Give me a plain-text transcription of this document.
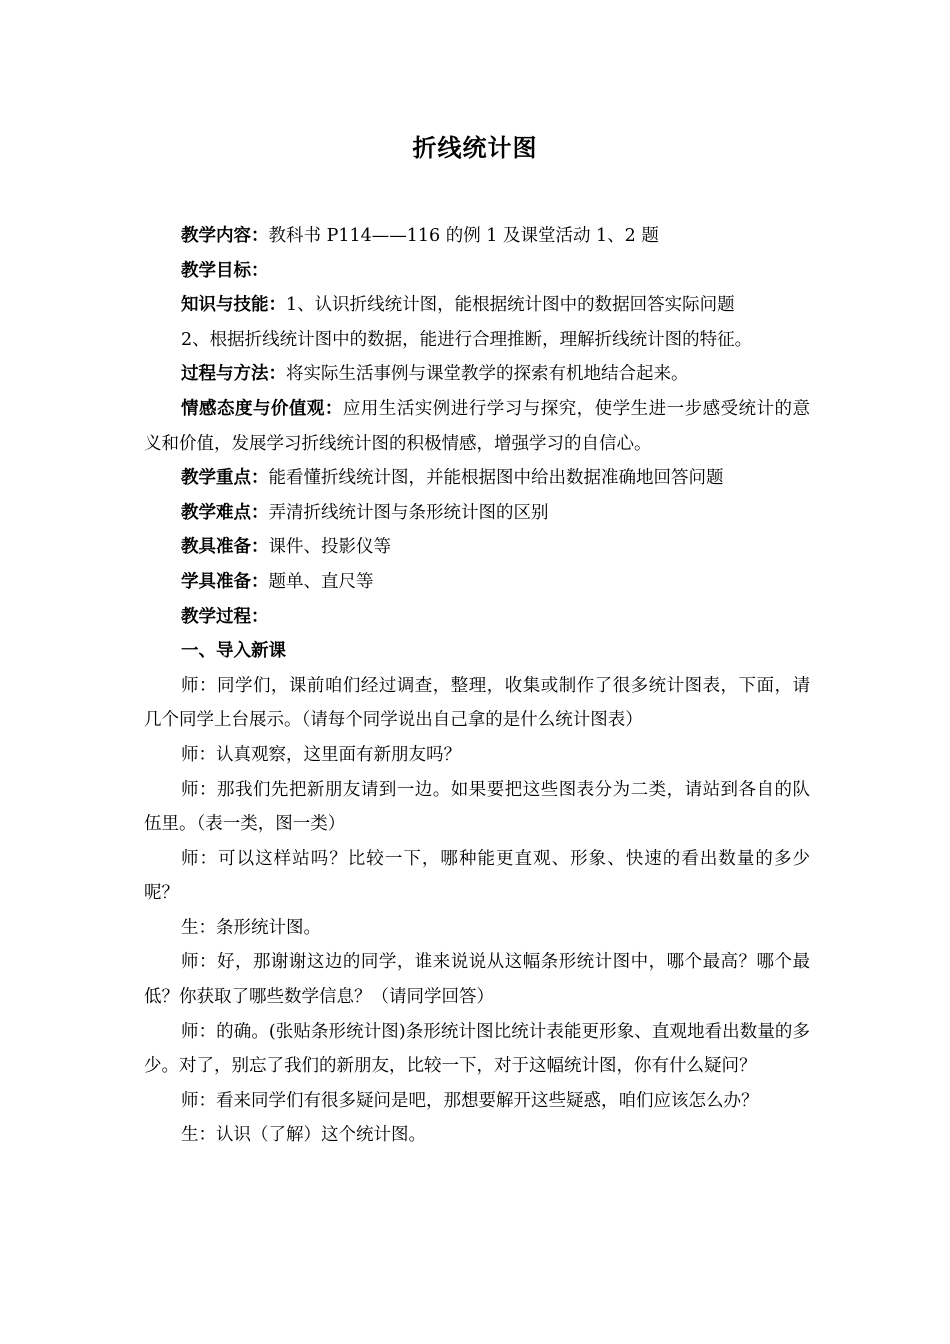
折线统计图

教学内容：教科书 P114——116 的例 1 及课堂活动 1、2 题

教学目标：

知识与技能：1、认识折线统计图，能根据统计图中的数据回答实际问题

2、根据折线统计图中的数据，能进行合理推断，理解折线统计图的特征。

过程与方法：将实际生活事例与课堂教学的探索有机地结合起来。

情感态度与价值观：应用生活实例进行学习与探究，使学生进一步感受统计的意义和价值，发展学习折线统计图的积极情感，增强学习的自信心。

教学重点：能看懂折线统计图，并能根据图中给出数据准确地回答问题

教学难点：弄清折线统计图与条形统计图的区别

教具准备：课件、投影仪等

学具准备：题单、直尺等

教学过程：

一、导入新课

师：同学们，课前咱们经过调查，整理，收集或制作了很多统计图表，下面，请几个同学上台展示。（请每个同学说出自己拿的是什么统计图表）

师：认真观察，这里面有新朋友吗？

师：那我们先把新朋友请到一边。如果要把这些图表分为二类，请站到各自的队伍里。（表一类，图一类）

师：可以这样站吗？比较一下，哪种能更直观、形象、快速的看出数量的多少呢？

生：条形统计图。

师：好，那谢谢这边的同学，谁来说说从这幅条形统计图中，哪个最高？哪个最低？你获取了哪些数学信息？（请同学回答）

师：的确。(张贴条形统计图)条形统计图比统计表能更形象、直观地看出数量的多少。对了，别忘了我们的新朋友，比较一下，对于这幅统计图，你有什么疑问？

师：看来同学们有很多疑问是吧，那想要解开这些疑惑，咱们应该怎么办？

生：认识（了解）这个统计图。
